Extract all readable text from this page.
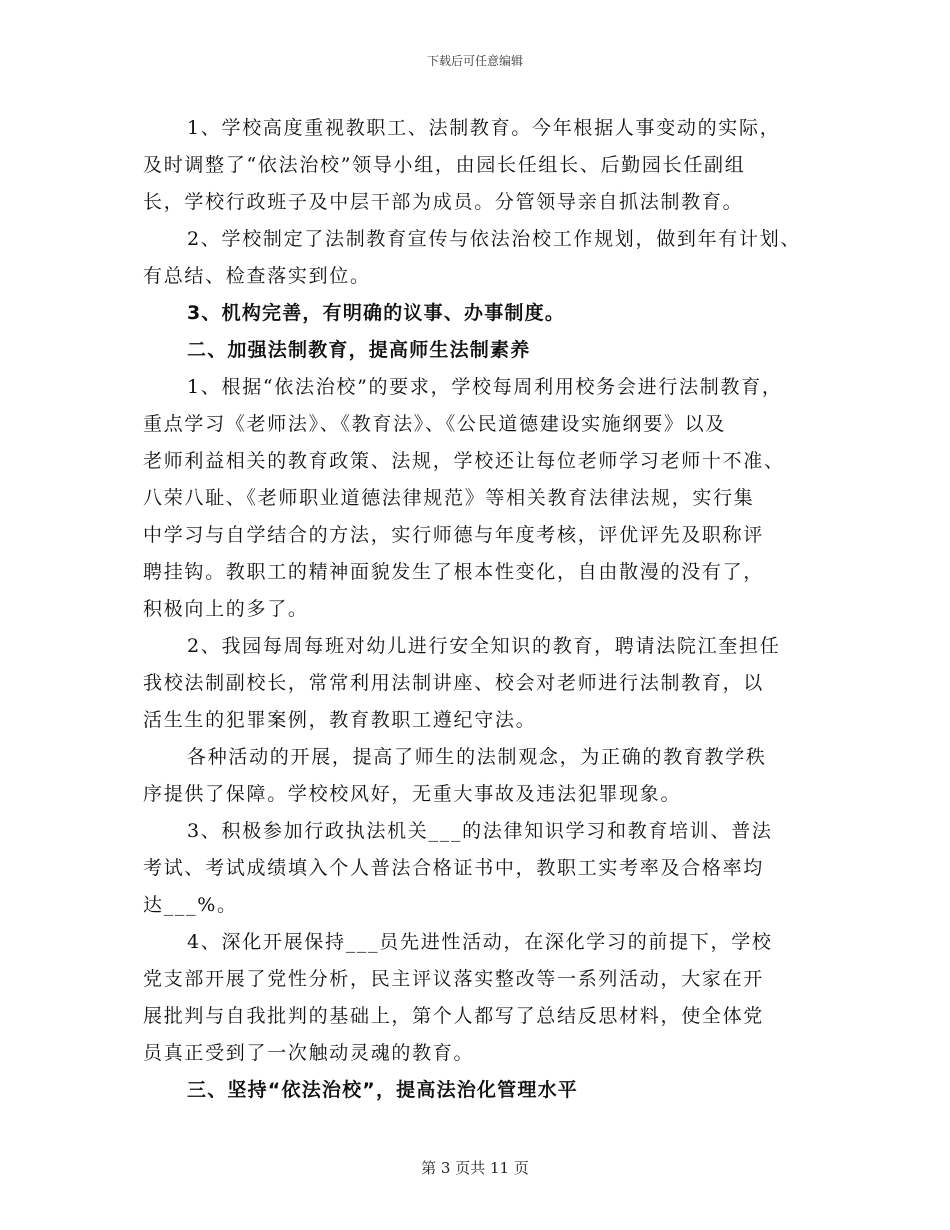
下载后可任意编辑
1、学校高度重视教职工、法制教育。今年根据人事变动的实际，
及时调整了“依法治校”领导小组，由园长任组长、后勤园长任副组
长，学校行政班子及中层干部为成员。分管领导亲自抓法制教育。
2、学校制定了法制教育宣传与依法治校工作规划，做到年有计划、
有总结、检查落实到位。
3、机构完善，有明确的议事、办事制度。
二、加强法制教育，提高师生法制素养
1、根据“依法治校”的要求，学校每周利用校务会进行法制教育，
重点学习《老师法》、《教育法》、《公民道德建设实施纲要》以及
老师利益相关的教育政策、法规，学校还让每位老师学习老师十不准、
八荣八耻、《老师职业道德法律规范》等相关教育法律法规，实行集
中学习与自学结合的方法，实行师德与年度考核，评优评先及职称评
聘挂钩。教职工的精神面貌发生了根本性变化，自由散漫的没有了，
积极向上的多了。
2、我园每周每班对幼儿进行安全知识的教育，聘请法院江奎担任
我校法制副校长，常常利用法制讲座、校会对老师进行法制教育，以
活生生的犯罪案例，教育教职工遵纪守法。
各种活动的开展，提高了师生的法制观念，为正确的教育教学秩
序提供了保障。学校校风好，无重大事故及违法犯罪现象。
3、积极参加行政执法机关___的法律知识学习和教育培训、普法
考试、考试成绩填入个人普法合格证书中，教职工实考率及合格率均
达___%。
4、深化开展保持___员先进性活动，在深化学习的前提下，学校
党支部开展了党性分析，民主评议落实整改等一系列活动，大家在开
展批判与自我批判的基础上，第个人都写了总结反思材料，使全体党
员真正受到了一次触动灵魂的教育。
三、坚持“依法治校”，提高法治化管理水平
第 3 页共 11 页
